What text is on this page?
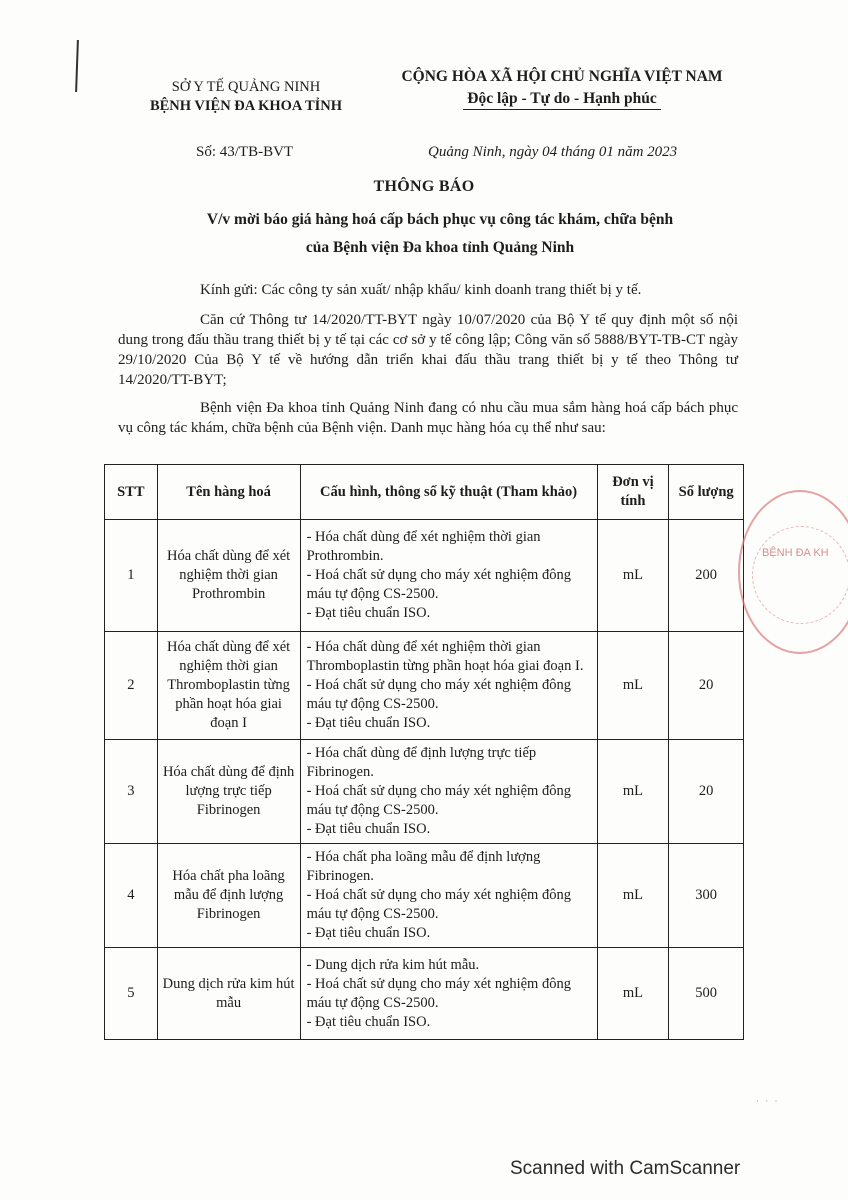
SỞ Y TẾ QUẢNG NINH
BỆNH VIỆN ĐA KHOA TỈNH
CỘNG HÒA XÃ HỘI CHỦ NGHĨA VIỆT NAM
Độc lập - Tự do - Hạnh phúc
Số: 43/TB-BVT	Quảng Ninh, ngày 04 tháng 01 năm 2023
THÔNG BÁO
V/v mời báo giá hàng hoá cấp bách phục vụ công tác khám, chữa bệnh
của Bệnh viện Đa khoa tỉnh Quảng Ninh
Kính gửi: Các công ty sản xuất/ nhập khẩu/ kinh doanh trang thiết bị y tế.
Căn cứ Thông tư 14/2020/TT-BYT ngày 10/07/2020 của Bộ Y tế quy định một số nội dung trong đấu thầu trang thiết bị y tế tại các cơ sở y tế công lập; Công văn số 5888/BYT-TB-CT ngày 29/10/2020 Của Bộ Y tế về hướng dẫn triển khai đấu thầu trang thiết bị y tế theo Thông tư 14/2020/TT-BYT;
Bệnh viện Đa khoa tỉnh Quảng Ninh đang có nhu cầu mua sắm hàng hoá cấp bách phục vụ công tác khám, chữa bệnh của Bệnh viện. Danh mục hàng hóa cụ thể như sau:
STT	Tên hàng hoá	Cấu hình, thông số kỹ thuật (Tham khảo)	Đơn vị tính	Số lượng
1	Hóa chất dùng để xét nghiệm thời gian Prothrombin	- Hóa chất dùng để xét nghiệm thời gian Prothrombin.
- Hoá chất sử dụng cho máy xét nghiệm đông máu tự động CS-2500.
- Đạt tiêu chuẩn ISO.	mL	200
2	Hóa chất dùng để xét nghiệm thời gian Thromboplastin từng phần hoạt hóa giai đoạn I	- Hóa chất dùng để xét nghiệm thời gian Thromboplastin từng phần hoạt hóa giai đoạn I.
- Hoá chất sử dụng cho máy xét nghiệm đông máu tự động CS-2500.
- Đạt tiêu chuẩn ISO.	mL	20
3	Hóa chất dùng để định lượng trực tiếp Fibrinogen	- Hóa chất dùng để định lượng trực tiếp Fibrinogen.
- Hoá chất sử dụng cho máy xét nghiệm đông máu tự động CS-2500.
- Đạt tiêu chuẩn ISO.	mL	20
4	Hóa chất pha loãng mẫu để định lượng Fibrinogen	- Hóa chất pha loãng mẫu để định lượng Fibrinogen.
- Hoá chất sử dụng cho máy xét nghiệm đông máu tự động CS-2500.
- Đạt tiêu chuẩn ISO.	mL	300
5	Dung dịch rửa kim hút mẫu	- Dung dịch rửa kim hút mẫu.
- Hoá chất sử dụng cho máy xét nghiệm đông máu tự động CS-2500.
- Đạt tiêu chuẩn ISO.	mL	500
BỆNH ĐA KH
· · ·
Scanned with CamScanner
